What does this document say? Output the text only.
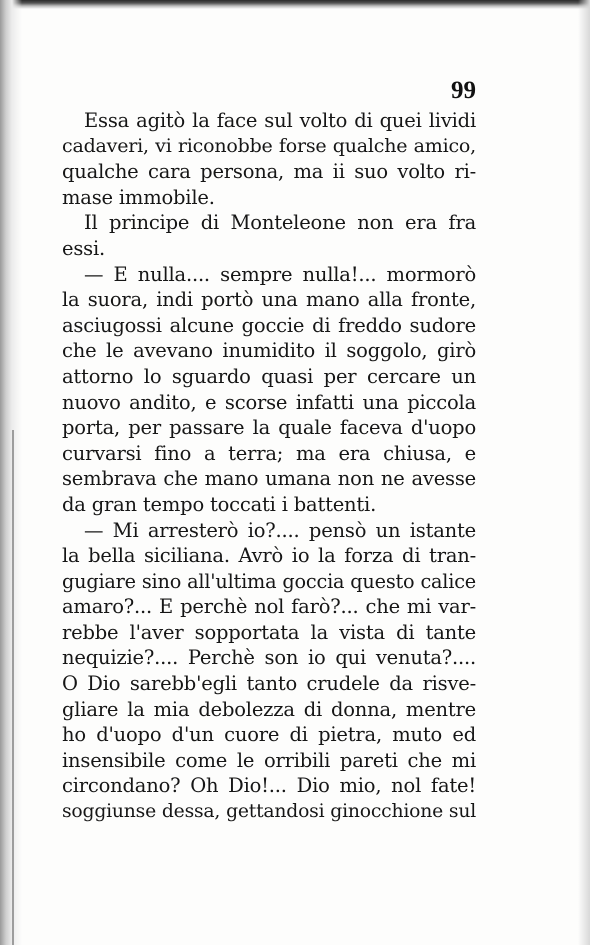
99
Essa agitò la face sul volto di quei lividi
cadaveri, vi riconobbe forse qualche amico,
qualche cara persona, ma ii suo volto ri-
mase immobile.
Il principe di Monteleone non era fra
essi.
— E nulla.... sempre nulla!... mormorò
la suora, indi portò una mano alla fronte,
asciugossi alcune goccie di freddo sudore
che le avevano inumidito il soggolo, girò
attorno lo sguardo quasi per cercare un
nuovo andito, e scorse infatti una piccola
porta, per passare la quale faceva d'uopo
curvarsi fino a terra; ma era chiusa, e
sembrava che mano umana non ne avesse
da gran tempo toccati i battenti.
— Mi arresterò io?.... pensò un istante
la bella siciliana. Avrò io la forza di tran-
gugiare sino all'ultima goccia questo calice
amaro?... E perchè nol farò?... che mi var-
rebbe l'aver sopportata la vista di tante
nequizie?.... Perchè son io qui venuta?....
O Dio sarebb'egli tanto crudele da risve-
gliare la mia debolezza di donna, mentre
ho d'uopo d'un cuore di pietra, muto ed
insensibile come le orribili pareti che mi
circondano? Oh Dio!... Dio mio, nol fate!
soggiunse dessa, gettandosi ginocchione sul
